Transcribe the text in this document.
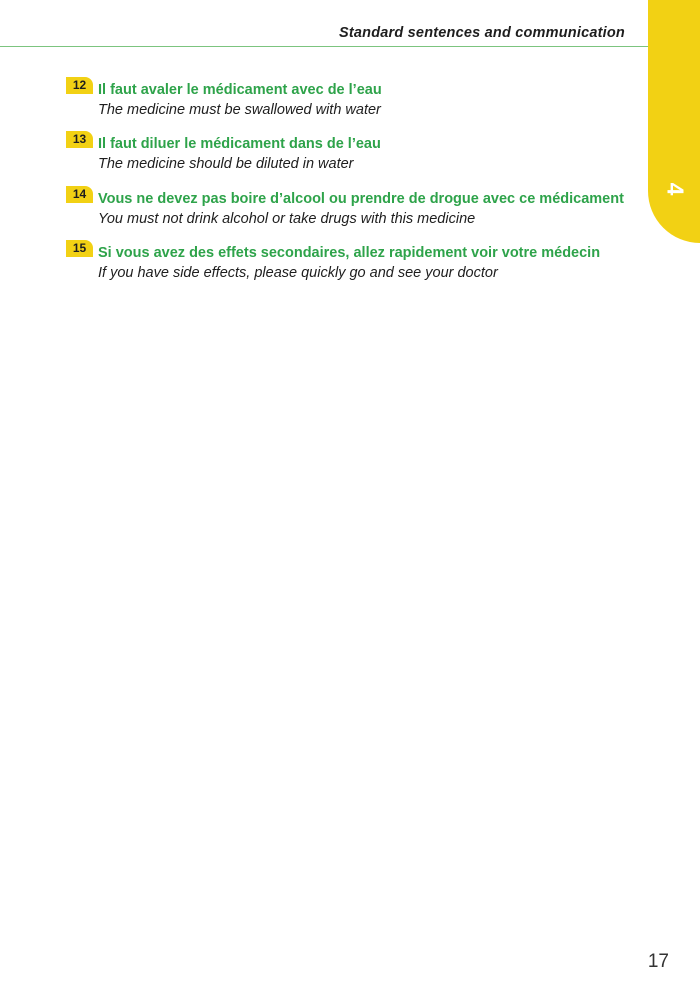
Standard sentences and communication
4
12 Il faut avaler le médicament avec de l’eau
The medicine must be swallowed with water
13 Il faut diluer le médicament dans de l’eau
The medicine should be diluted in water
14 Vous ne devez pas boire d’alcool ou prendre de drogue avec ce médicament
You must not drink alcohol or take drugs with this medicine
15 Si vous avez des effets secondaires, allez rapidement voir votre médecin
If you have side effects, please quickly go and see your doctor
17
